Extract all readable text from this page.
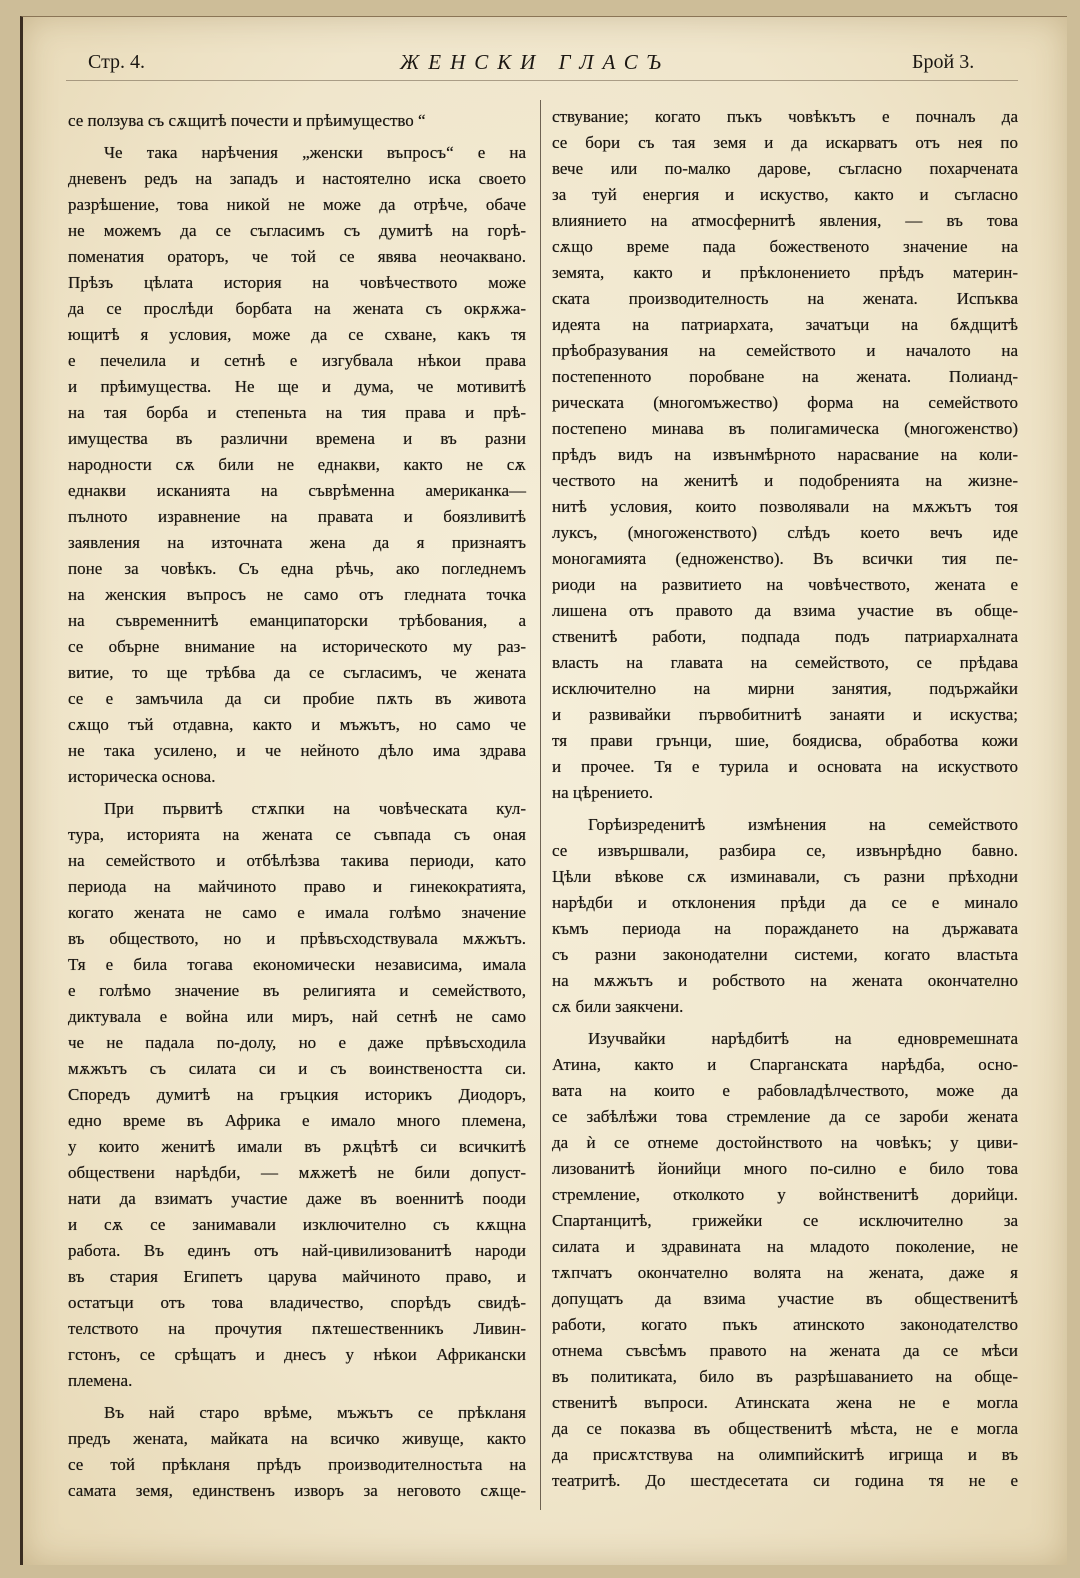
Стр. 4.	ЖЕНСКИ ГЛАСЪ	Брой 3.
се ползува съ сѫщитѣ почести и прѣимущество “
Че така нарѣчения „женски въпросъ“ е на
дневенъ редъ на западъ и настоятелно иска своето
разрѣшение, това никой не може да отрѣче, обаче
не можемъ да се съгласимъ съ думитѣ на горѣ-
поменатия ораторъ, че той се явява неочаквано.
Прѣзъ цѣлата история на човѣчеството може
да се прослѣди борбата на жената съ окрѫжа-
ющитѣ я условия, може да се схване, какъ тя
е печелила и сетнѣ е изгубвала нѣкои права
и прѣимущества. Не ще и дума, че мотивитѣ
на тая борба и степеньта на тия права и прѣ-
имущества въ различни времена и въ разни
народности сѫ били не еднакви, както не сѫ
еднакви исканията на съврѣменна американка—
пълното изравнение на правата и боязливитѣ
заявления на източната жена да я признаятъ
поне за човѣкъ. Съ една рѣчь, ако погледнемъ
на женския въпросъ не само отъ гледната точка
на съвременнитѣ еманципаторски трѣбования, а
се обърне внимание на историческото му раз-
витие, то ще трѣбва да се съгласимъ, че жената
се е замъчила да си пробие пѫть въ живота
сѫщо тъй отдавна, както и мъжътъ, но само че
не така усилено, и че нейното дѣло има здрава
историческа основа.
При първитѣ стѫпки на човѣческата кул-
тура, историята на жената се съвпада съ оная
на семейството и отбѣлѣзва такива периоди, като
периода на майчиното право и гинекократията,
когато жената не само е имала голѣмо значение
въ обществото, но и прѣвъсходствувала мѫжътъ.
Тя е била тогава економически независима, имала
е голѣмо значение въ религията и семейството,
диктувала е война или миръ, най сетнѣ не само
че не падала по-долу, но е даже прѣвъсходила
мѫжътъ съ силата си и съ воинствеността си.
Споредъ думитѣ на гръцкия историкъ Диодоръ,
едно време въ Африка е имало много племена,
у които женитѣ имали въ рѫцѣтѣ си всичкитѣ
обществени нарѣдби, — мѫжетѣ не били допуст-
нати да взиматъ участие даже въ военнитѣ пооди
и сѫ се занимавали изключително съ кѫщна
работа. Въ единъ отъ най-цивилизованитѣ народи
въ стария Египетъ царува майчиното право, и
остатъци отъ това владичество, спорѣдъ свидѣ-
телството на прочутия пѫтешественникъ Ливин-
гстонъ, се срѣщатъ и днесъ у нѣкои Африкански
племена.
Въ най старо врѣме, мъжътъ се прѣкланя
предъ жената, майката на всичко живуще, както
се той прѣкланя прѣдъ производителностьта на
самата земя, единственъ изворъ за неговото сѫще-
ствувание; когато пъкъ човѣкътъ е почналъ да
се бори съ тая земя и да искарватъ отъ нея по
вече или по-малко дарове, съгласно похарчената
за туй енергия и искуство, както и съгласно
влиянието на атмосфернитѣ явления, — въ това
сѫщо време пада божественото значение на
земята, както и прѣклонението прѣдъ материн-
ската производителность на жената. Испъква
идеята на патриархата, зачатъци на бѫдщитѣ
прѣобразувания на семейството и началото на
постепенното поробване на жената. Полианд-
рическата (многомъжество) форма на семейството
постепено минава въ полигамическа (многоженство)
прѣдъ видъ на извънмѣрното нарасвание на коли-
чеството на женитѣ и подобренията на жизне-
нитѣ условия, които позволявали на мѫжътъ тоя
луксъ, (многоженството) слѣдъ което вечъ иде
моногамията (едноженство). Въ всички тия пе-
риоди на развитието на човѣчеството, жената е
лишена отъ правото да взима участие въ обще-
ственитѣ работи, подпада подъ патриархалната
власть на главата на семейството, се прѣдава
исключително на мирни занятия, подържайки
и развивайки първобитнитѣ занаяти и искуства;
тя прави грънци, шие, боядисва, обработва кожи
и прочее. Тя е турила и основата на искуството
на цѣрението.
Горѣизреденитѣ измѣнения на семейството
се извършвали, разбира се, извънрѣдно бавно.
Цѣли вѣкове сѫ изминавали, съ разни прѣходни
нарѣдби и отклонения прѣди да се е минало
къмъ периода на пораждането на държавата
съ разни законодателни системи, когато властьта
на мѫжътъ и робството на жената окончателно
сѫ били заякчени.
Изучвайки нарѣдбитѣ на едновремешната
Атина, както и Спарганската нарѣдба, осно-
вата на които е рабовладѣлчеството, може да
се забѣлѣжи това стремление да се зароби жената
да ѝ се отнеме достойнството на човѣкъ; у циви-
лизованитѣ йонийци много по-силно е било това
стремление, отколкото у войнственитѣ дорийци.
Спартанцитѣ, грижейки се исключително за
силата и здравината на младото поколение, не
тѫпчатъ окончателно волята на жената, даже я
допущатъ да взима участие въ общественитѣ
работи, когато пъкъ атинското законодателство
отнема съвсѣмъ правото на жената да се мѣси
въ политиката, било въ разрѣшаванието на обще-
ственитѣ въпроси. Атинската жена не е могла
да се показва въ общественитѣ мѣста, не е могла
да присѫтствува на олимпийскитѣ игрища и въ
театритѣ. До шестдесетата си година тя не е
